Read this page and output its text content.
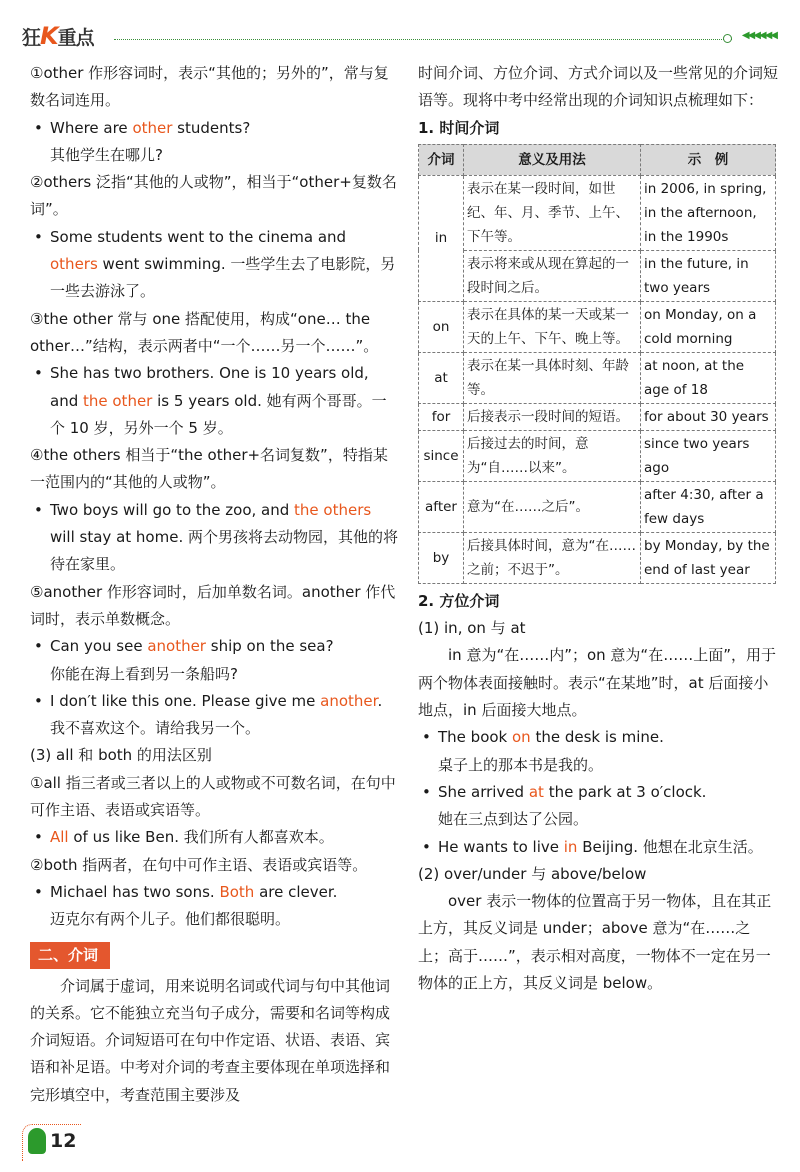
狂K重点	◀◀◀◀◀◀

①other 作形容词时，表示“其他的；另外的”，常与复数名词连用。

• Where are other students?

其他学生在哪儿?

②others 泛指“其他的人或物”，相当于“other+复数名词”。

• Some students went to the cinema and others went swimming. 一些学生去了电影院，另一些去游泳了。

③the other 常与 one 搭配使用，构成“one… the other…”结构，表示两者中“一个……另一个……”。

• She has two brothers. One is 10 years old, and the other is 5 years old. 她有两个哥哥。一个 10 岁，另外一个 5 岁。

④the others 相当于“the other+名词复数”，特指某一范围内的“其他的人或物”。

• Two boys will go to the zoo, and the others will stay at home. 两个男孩将去动物园，其他的将待在家里。

⑤another 作形容词时，后加单数名词。another 作代词时，表示单数概念。

• Can you see another ship on the sea?

你能在海上看到另一条船吗?

• I don′t like this one. Please give me another.

我不喜欢这个。请给我另一个。

(3) all 和 both 的用法区别

①all 指三者或三者以上的人或物或不可数名词，在句中可作主语、表语或宾语等。

• All of us like Ben. 我们所有人都喜欢本。

②both 指两者，在句中可作主语、表语或宾语等。

• Michael has two sons. Both are clever.

迈克尔有两个儿子。他们都很聪明。

二、介词

介词属于虚词，用来说明名词或代词与句中其他词的关系。它不能独立充当句子成分，需要和名词等构成介词短语。介词短语可在句中作定语、状语、表语、宾语和补足语。中考对介词的考查主要体现在单项选择和完形填空中，考查范围主要涉及

时间介词、方位介词、方式介词以及一些常见的介词短语等。现将中考中经常出现的介词知识点梳理如下：

1. 时间介词

介词	意义及用法	示　例
in	表示在某一段时间，如世纪、年、月、季节、上午、下午等。	in 2006, in spring, in the afternoon, in the 1990s
	表示将来或从现在算起的一段时间之后。	in the future, in two years
on	表示在具体的某一天或某一天的上午、下午、晚上等。	on Monday, on a cold morning
at	表示在某一具体时刻、年龄等。	at noon, at the age of 18
for	后接表示一段时间的短语。	for about 30 years
since	后接过去的时间，意为“自……以来”。	since two years ago
after	意为“在……之后”。	after 4:30, after a few days
by	后接具体时间，意为“在……之前；不迟于”。	by Monday, by the end of last year

2. 方位介词

(1) in, on 与 at

in 意为“在……内”；on 意为“在……上面”，用于两个物体表面接触时。表示“在某地”时，at 后面接小地点，in 后面接大地点。

• The book on the desk is mine.

桌子上的那本书是我的。

• She arrived at the park at 3 o′clock.

她在三点到达了公园。

• He wants to live in Beijing. 他想在北京生活。

(2) over/under 与 above/below

over 表示一物体的位置高于另一物体，且在其正上方，其反义词是 under；above 意为“在……之上；高于……”，表示相对高度，一物体不一定在另一物体的正上方，其反义词是 below。

12
